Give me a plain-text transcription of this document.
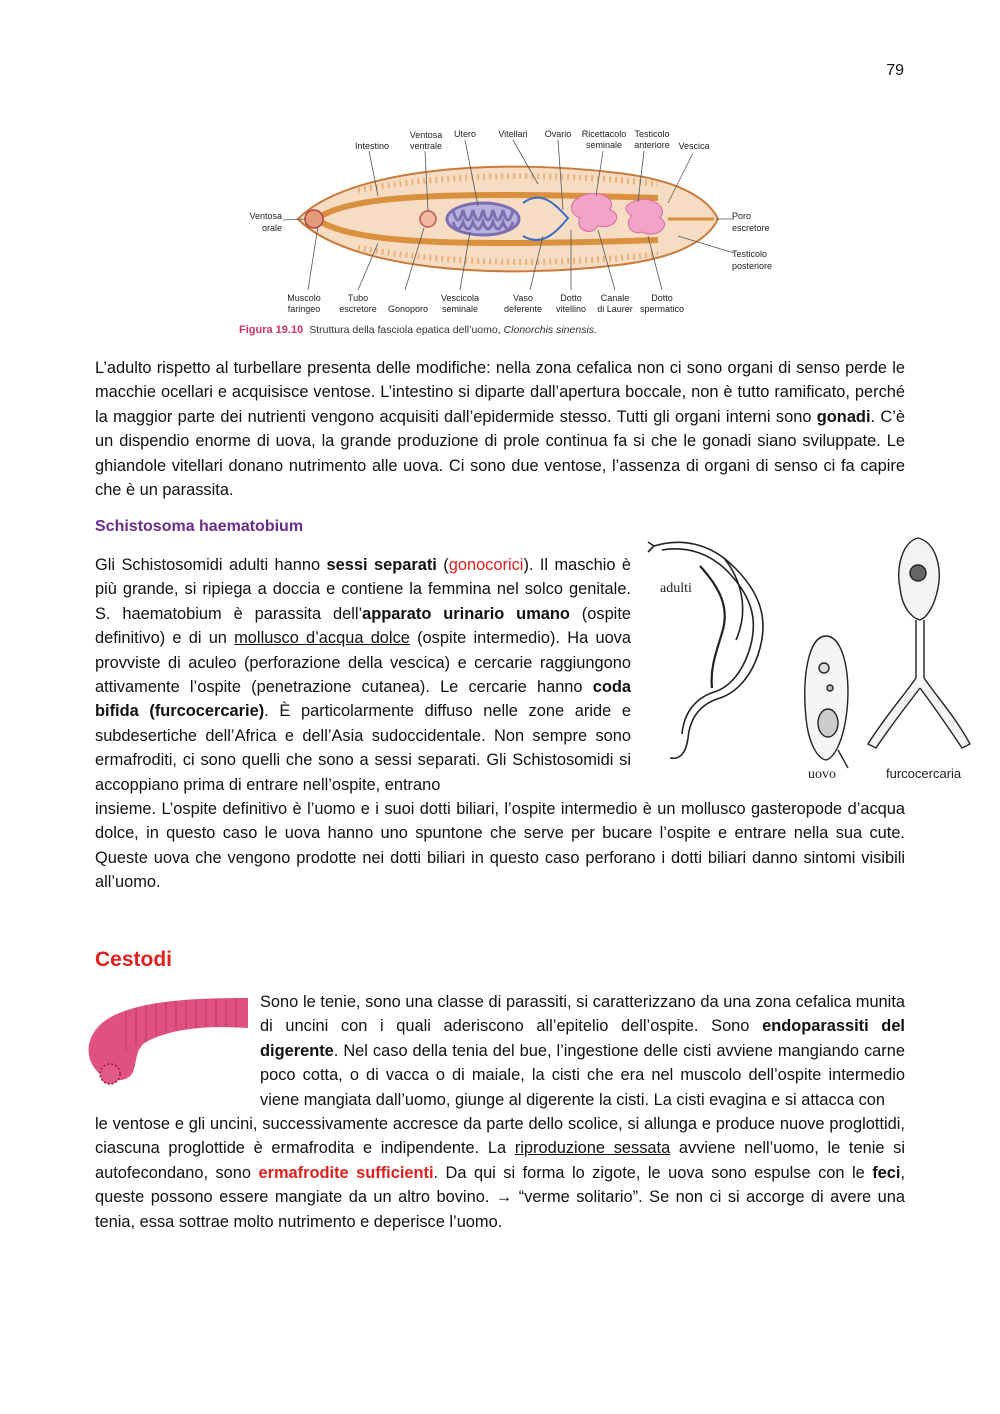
79
Intestino
Ventosa
ventrale
Utero Vitellari Ovario Ricettacolo
seminale
Testicolo
anteriore Vescica
Ventosa
orale
Poro
escretore
Testicolo
posteriore
Muscolo
faringeo
Tubo
escretore Gonoporo
Vescicola
seminale
Vaso
deferente
Dotto
vitellino
Canale
di Laurer
Dotto
spermatico
Figura 19.10 Struttura della fasciola epatica dell’uomo, Clonorchis sinensis.

L’adulto rispetto al turbellare presenta delle modifiche: nella zona cefalica non ci sono organi di senso perde le macchie ocellari e acquisisce ventose. L’intestino si diparte dall’apertura boccale, non è tutto ramificato, perché la maggior parte dei nutrienti vengono acquisiti dall’epidermide stesso. Tutti gli organi interni sono gonadi. C’è un dispendio enorme di uova, la grande produzione di prole continua fa si che le gonadi siano sviluppate. Le ghiandole vitellari donano nutrimento alle uova. Ci sono due ventose, l’assenza di organi di senso ci fa capire che è un parassita.

Schistosoma haematobium

Gli Schistosomidi adulti hanno sessi separati (gonocorici). Il maschio è più grande, si ripiega a doccia e contiene la femmina nel solco genitale. S. haematobium è parassita dell’apparato urinario umano (ospite definitivo) e di un mollusco d’acqua dolce (ospite intermedio). Ha uova provviste di aculeo (perforazione della vescica) e cercarie raggiungono attivamente l’ospite (penetrazione cutanea). Le cercarie hanno coda bifida (furcocercarie). È particolarmente diffuso nelle zone aride e subdesertiche dell’Africa e dell’Asia sudoccidentale. Non sempre sono ermafroditi, ci sono quelli che sono a sessi separati. Gli Schistosomidi si accoppiano prima di entrare nell’ospite, entrano

adulti
uovo	furcocercaria

insieme. L’ospite definitivo è l’uomo e i suoi dotti biliari, l’ospite intermedio è un mollusco gasteropode d’acqua dolce, in questo caso le uova hanno uno spuntone che serve per bucare l’ospite e entrare nella sua cute. Queste uova che vengono prodotte nei dotti biliari in questo caso perforano i dotti biliari danno sintomi visibili all’uomo.

Cestodi

Sono le tenie, sono una classe di parassiti, si caratterizzano da una zona cefalica munita di uncini con i quali aderiscono all’epitelio dell’ospite. Sono endoparassiti del digerente. Nel caso della tenia del bue, l’ingestione delle cisti avviene mangiando carne poco cotta, o di vacca o di maiale, la cisti che era nel muscolo dell’ospite intermedio viene mangiata dall’uomo, giunge al digerente la cisti. La cisti evagina e si attacca con

le ventose e gli uncini, successivamente accresce da parte dello scolice, si allunga e produce nuove proglottidi, ciascuna proglottide è ermafrodita e indipendente. La riproduzione sessata avviene nell’uomo, le tenie si autofecondano, sono ermafrodite sufficienti. Da qui si forma lo zigote, le uova sono espulse con le feci, queste possono essere mangiate da un altro bovino. → “verme solitario”. Se non ci si accorge di avere una tenia, essa sottrae molto nutrimento e deperisce l’uomo.
